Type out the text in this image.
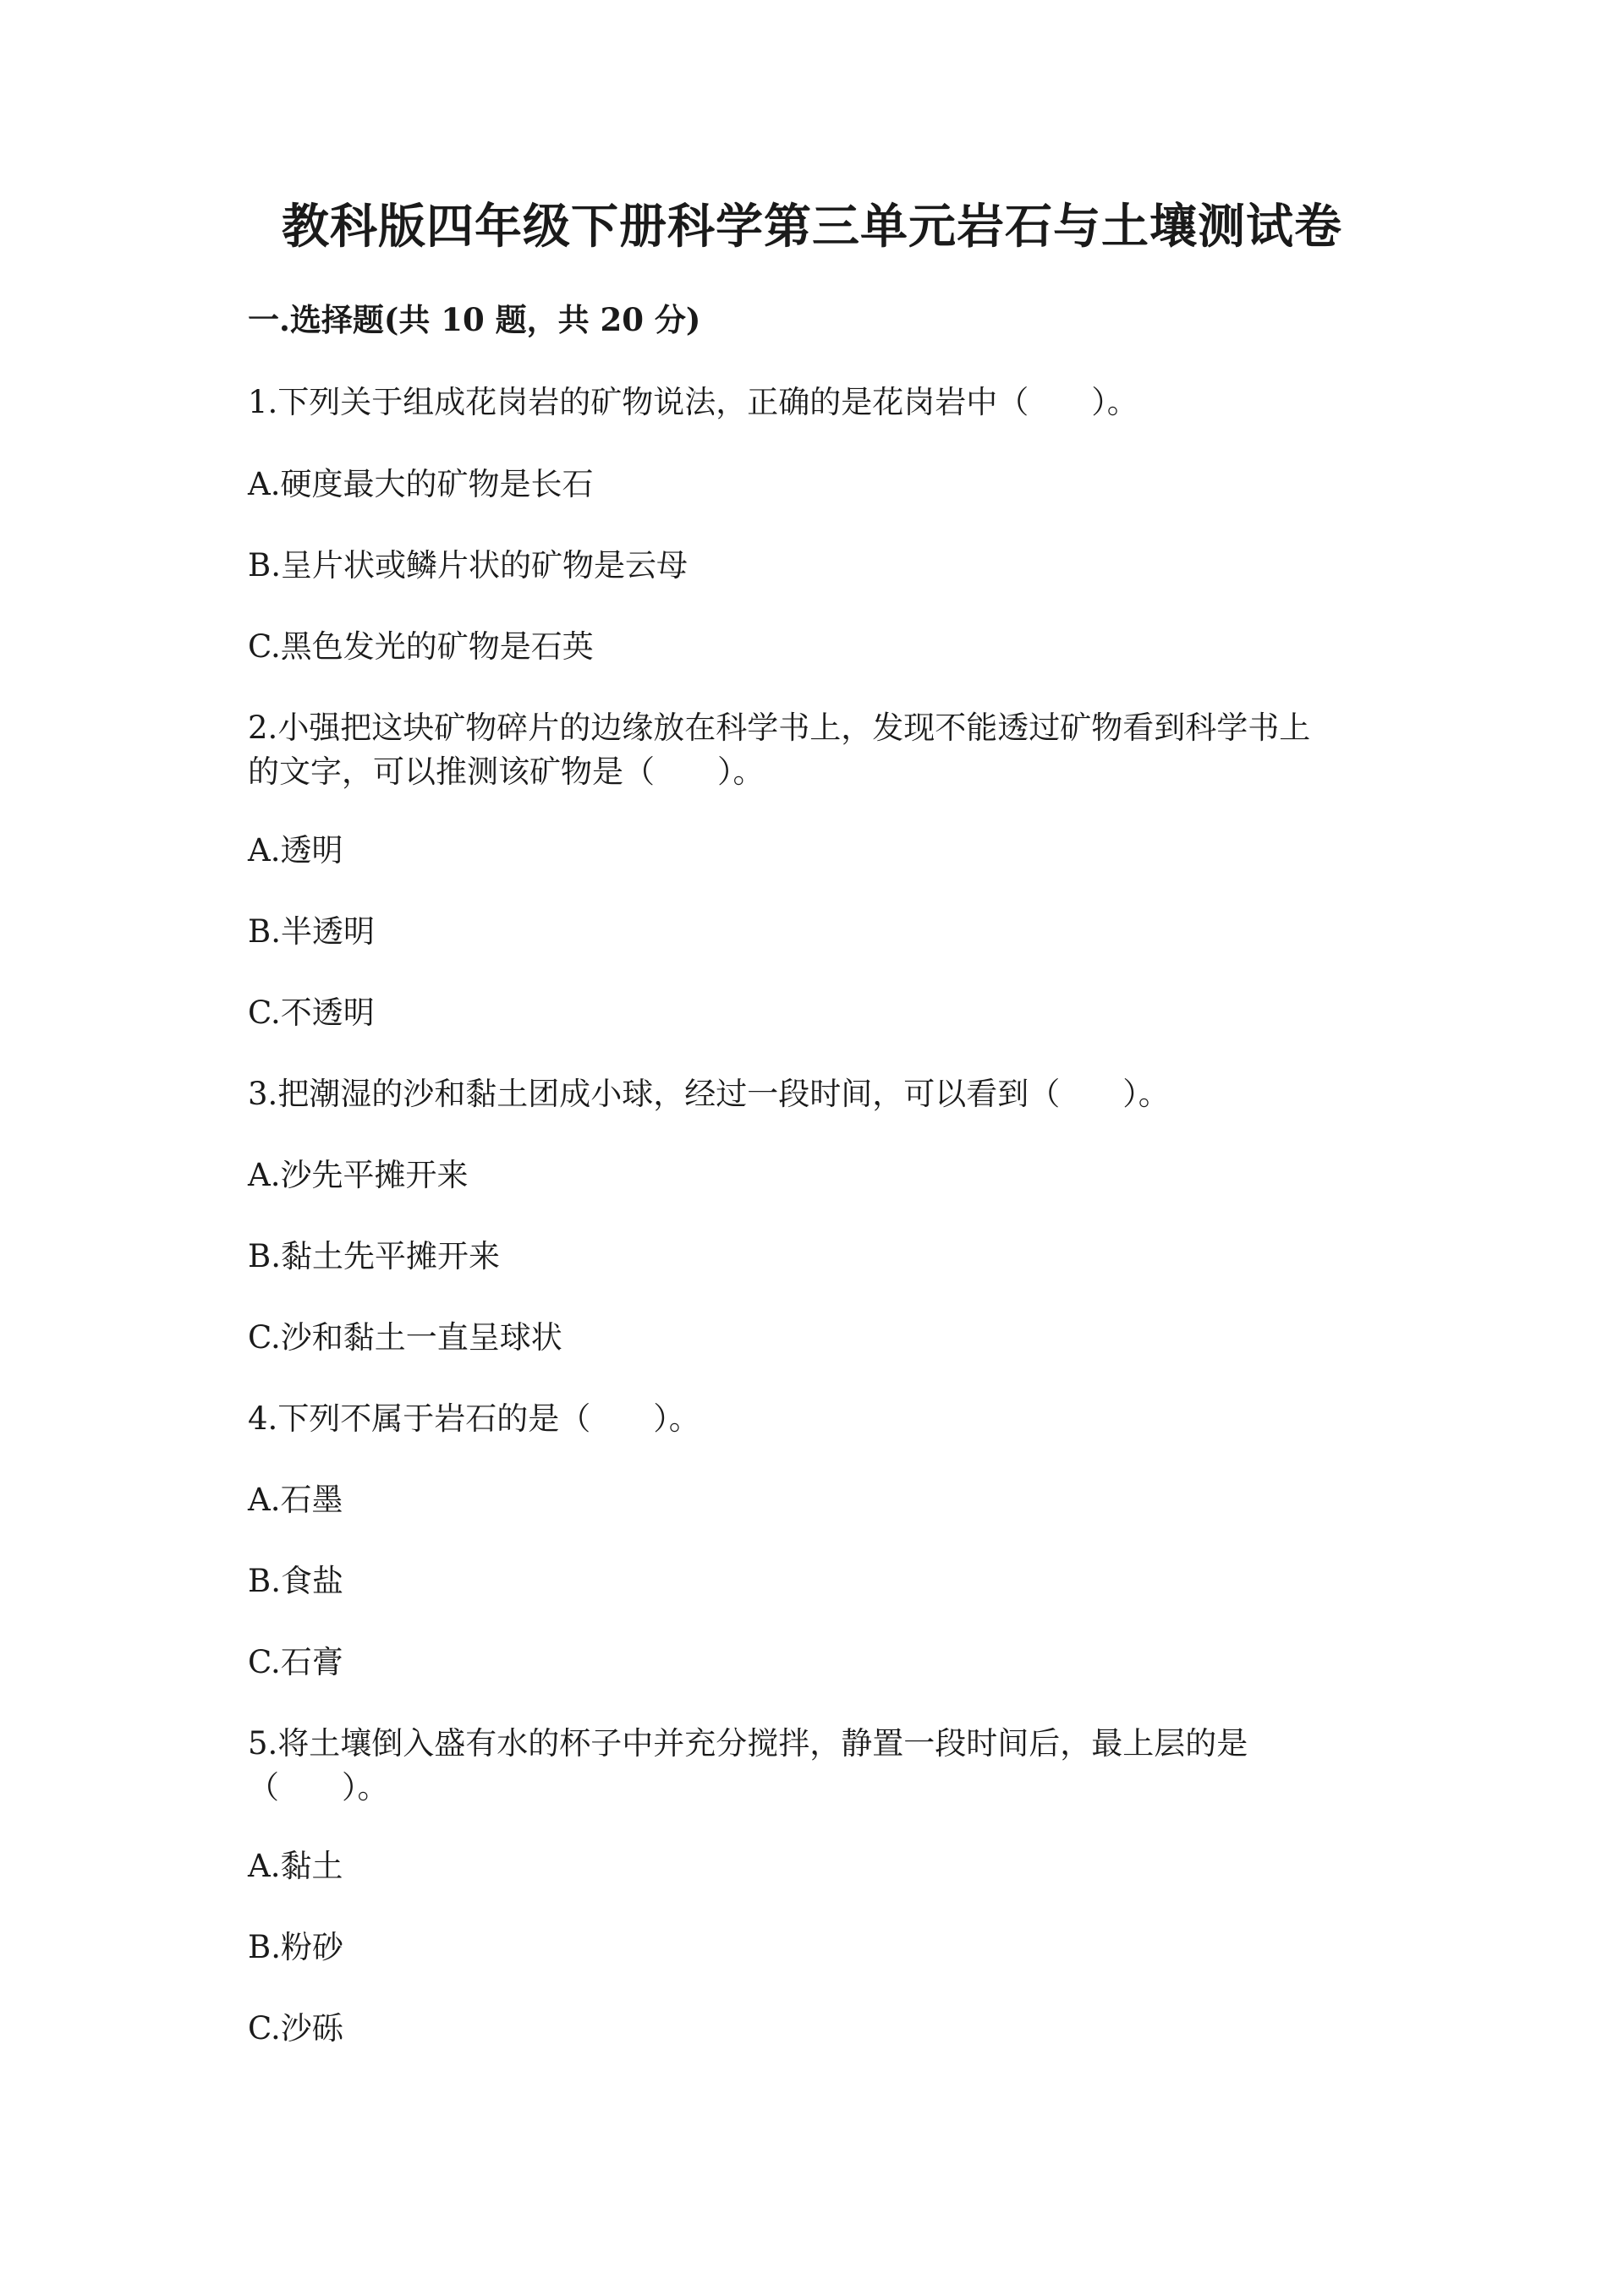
教科版四年级下册科学第三单元岩石与土壤测试卷
一.选择题(共 10 题，共 20 分)
1.下列关于组成花岗岩的矿物说法，正确的是花岗岩中（　　）。
A.硬度最大的矿物是长石
B.呈片状或鳞片状的矿物是云母
C.黑色发光的矿物是石英
2.小强把这块矿物碎片的边缘放在科学书上，发现不能透过矿物看到科学书上
的文字，可以推测该矿物是（　　）。
A.透明
B.半透明
C.不透明
3.把潮湿的沙和黏土团成小球，经过一段时间，可以看到（　　）。
A.沙先平摊开来
B.黏土先平摊开来
C.沙和黏土一直呈球状
4.下列不属于岩石的是（　　）。
A.石墨
B.食盐
C.石膏
5.将土壤倒入盛有水的杯子中并充分搅拌，静置一段时间后，最上层的是
（　　）。
A.黏土
B.粉砂
C.沙砾
